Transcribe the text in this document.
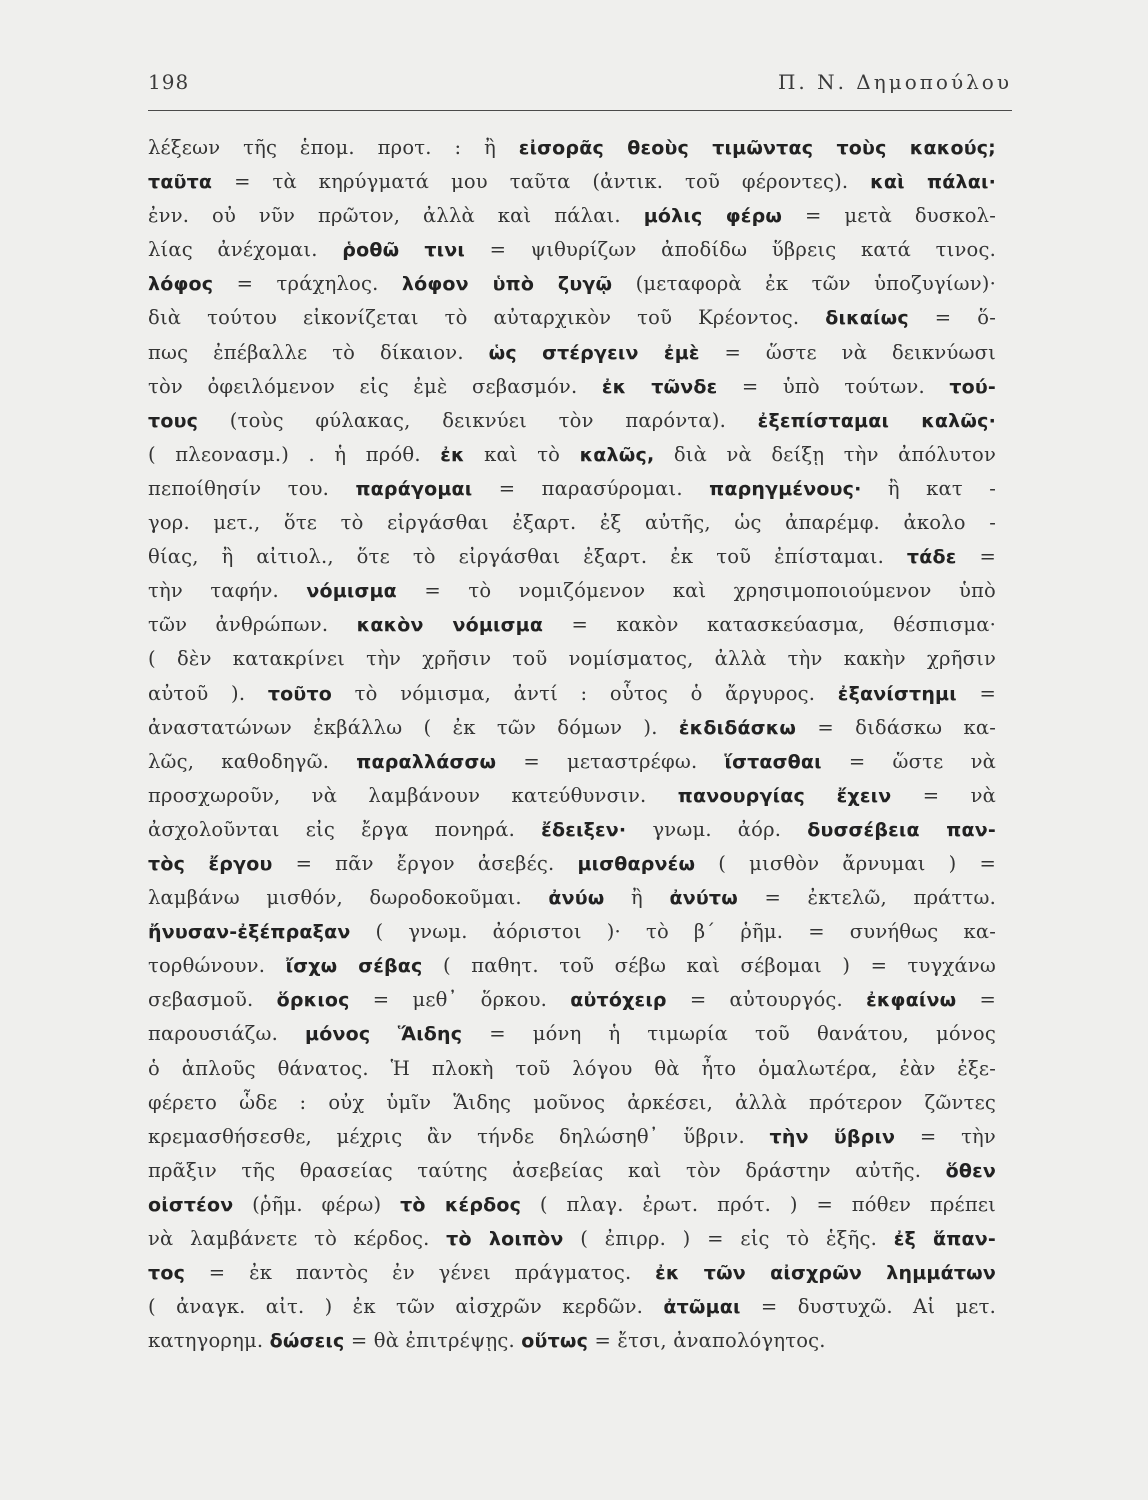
198	Π. Ν. Δημοπούλου
λέξεων τῆς ἑπομ. προτ. : ἢ εἰσορᾶς θεοὺς τιμῶντας τοὺς κακούς;
ταῦτα = τὰ κηρύγματά μου ταῦτα (ἀντικ. τοῦ φέροντες). καὶ πάλαι·
ἐνν. οὐ νῦν πρῶτον, ἀλλὰ καὶ πάλαι. μόλις φέρω = μετὰ δυσκολ-
λίας ἀνέχομαι. ῥοθῶ τινι = ψιθυρίζων ἀποδίδω ὕβρεις κατά τινος.
λόφος = τράχηλος. λόφον ὑπὸ ζυγῷ (μεταφορὰ ἐκ τῶν ὑποζυγίων)·
διὰ τούτου εἰκονίζεται τὸ αὐταρχικὸν τοῦ Κρέοντος. δικαίως = ὅ-
πως ἐπέβαλλε τὸ δίκαιον. ὡς στέργειν ἐμὲ = ὥστε νὰ δεικνύωσι
τὸν ὀφειλόμενον εἰς ἐμὲ σεβασμόν. ἐκ τῶνδε = ὑπὸ τούτων. τού-
τους (τοὺς φύλακας, δεικνύει τὸν παρόντα). ἐξεπίσταμαι καλῶς·
( πλεονασμ.) . ἡ πρόθ. ἐκ καὶ τὸ καλῶς, διὰ νὰ δείξῃ τὴν ἀπόλυτον
πεποίθησίν του. παράγομαι = παρασύρομαι. παρηγμένους· ἢ κατ -
γορ. μετ., ὅτε τὸ εἰργάσθαι ἐξαρτ. ἐξ αὐτῆς, ὡς ἀπαρέμφ. ἀκολο -
θίας, ἢ αἰτιολ., ὅτε τὸ εἰργάσθαι ἐξαρτ. ἐκ τοῦ ἐπίσταμαι. τάδε =
τὴν ταφήν. νόμισμα = τὸ νομιζόμενον καὶ χρησιμοποιούμενον ὑπὸ
τῶν ἀνθρώπων. κακὸν νόμισμα = κακὸν κατασκεύασμα, θέσπισμα·
( δὲν κατακρίνει τὴν χρῆσιν τοῦ νομίσματος, ἀλλὰ τὴν κακὴν χρῆσιν
αὐτοῦ ). τοῦτο τὸ νόμισμα, ἀντί : οὗτος ὁ ἄργυρος. ἐξανίστημι =
ἀναστατώνων ἐκβάλλω ( ἐκ τῶν δόμων ). ἐκδιδάσκω = διδάσκω κα-
λῶς, καθοδηγῶ. παραλλάσσω = μεταστρέφω. ἵστασθαι = ὥστε νὰ
προσχωροῦν, νὰ λαμβάνουν κατεύθυνσιν. πανουργίας ἔχειν = νὰ
ἀσχολοῦνται εἰς ἔργα πονηρά. ἔδειξεν· γνωμ. ἀόρ. δυσσέβεια παν-
τὸς ἔργου = πᾶν ἔργον ἀσεβές. μισθαρνέω ( μισθὸν ἄρνυμαι ) =
λαμβάνω μισθόν, δωροδοκοῦμαι. ἀνύω ἢ ἀνύτω = ἐκτελῶ, πράττω.
ἤνυσαν-ἐξέπραξαν ( γνωμ. ἀόριστοι )· τὸ β΄ ῥῆμ. = συνήθως κα-
τορθώνουν. ἴσχω σέβας ( παθητ. τοῦ σέβω καὶ σέβομαι ) = τυγχάνω
σεβασμοῦ. ὅρκιος = μεθ᾽ ὅρκου. αὐτόχειρ = αὐτουργός. ἐκφαίνω =
παρουσιάζω. μόνος Ἅιδης = μόνη ἡ τιμωρία τοῦ θανάτου, μόνος
ὁ ἁπλοῦς θάνατος. Ἡ πλοκὴ τοῦ λόγου θὰ ἦτο ὁμαλωτέρα, ἐὰν ἐξε-
φέρετο ὧδε : οὐχ ὑμῖν Ἅιδης μοῦνος ἀρκέσει, ἀλλὰ πρότερον ζῶντες
κρεμασθήσεσθε, μέχρις ἂν τήνδε δηλώσηθ᾽ ὕβριν. τὴν ὕβριν = τὴν
πρᾶξιν τῆς θρασείας ταύτης ἀσεβείας καὶ τὸν δράστην αὐτῆς. ὅθεν
οἰστέον (ῥῆμ. φέρω) τὸ κέρδος ( πλαγ. ἐρωτ. πρότ. ) = πόθεν πρέπει
νὰ λαμβάνετε τὸ κέρδος. τὸ λοιπὸν ( ἐπιρρ. ) = εἰς τὸ ἑξῆς. ἐξ ἅπαν-
τος = ἐκ παντὸς ἐν γένει πράγματος. ἐκ τῶν αἰσχρῶν λημμάτων
( ἀναγκ. αἰτ. ) ἐκ τῶν αἰσχρῶν κερδῶν. ἀτῶμαι = δυστυχῶ. Αἱ μετ.
κατηγορημ. δώσεις = θὰ ἐπιτρέψῃς. οὕτως = ἔτσι, ἀναπολόγητος.
